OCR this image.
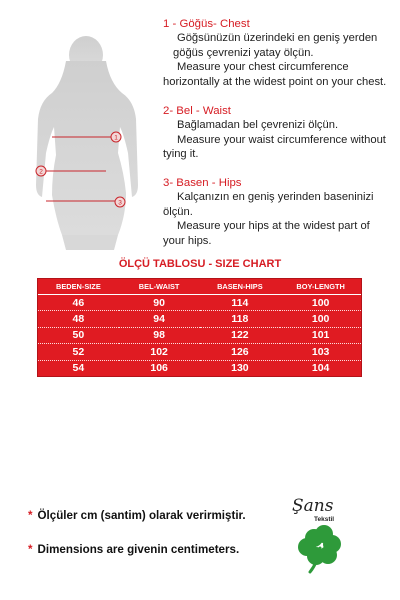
1
2
3
1 - Göğüs- Chest
Göğsünüzün üzerindeki en geniş yerden
göğüs çevrenizi yatay ölçün.
Measure your chest circumference
horizontally at the widest point on your chest.
2- Bel - Waist
Bağlamadan bel çevrenizi ölçün.
Measure your waist circumference without
tying it.
3- Basen - Hips
Kalçanızın en geniş yerinden baseninizi
ölçün.
Measure your hips at the widest part of
your hips.
ÖLÇÜ TABLOSU - SIZE CHART
BEDEN-SIZE	BEL-WAIST	BASEN-HIPS	BOY-LENGTH
46	90	114	100
48	94	118	100
50	98	122	101
52	102	126	103
54	106	130	104
* Ölçüler cm (santim) olarak verirmiştir.
* Dimensions are givenin centimeters.
Şans
Tekstil
